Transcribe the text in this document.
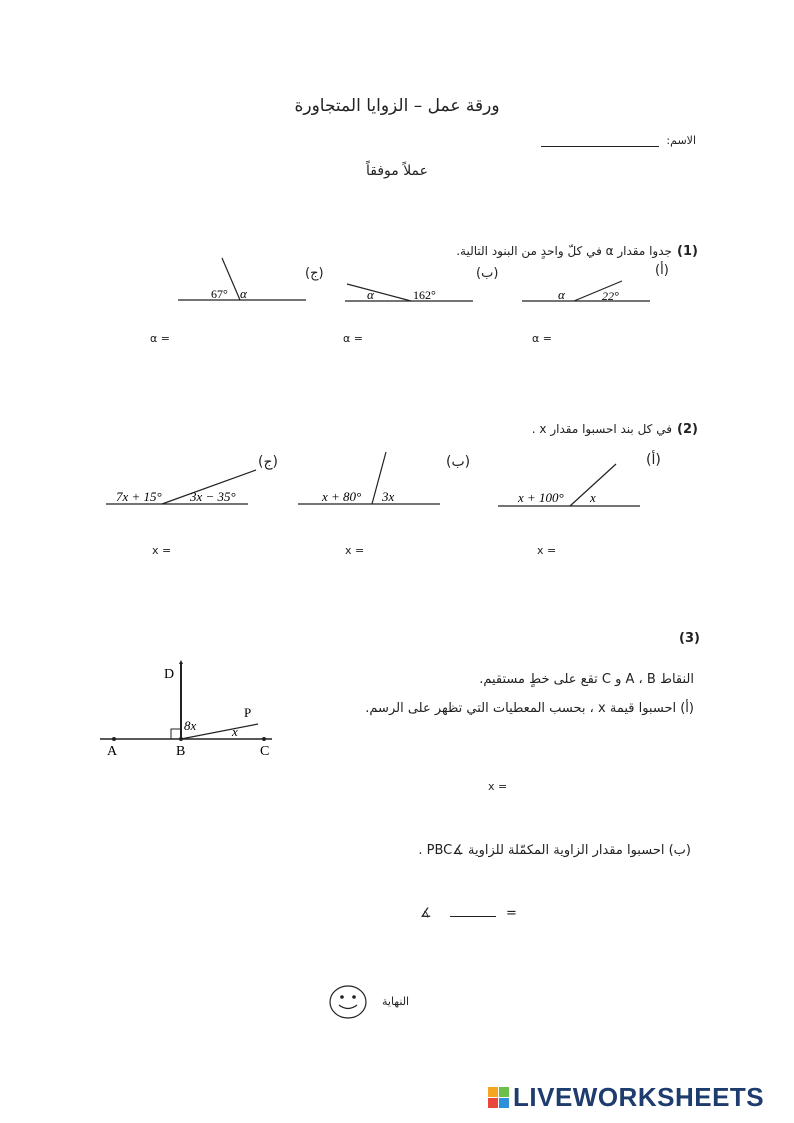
ورقة عمل – الزوايا المتجاورة
الاسم:
عملاً موفقاً
(1) جدوا مقدار α في كلّ واحدٍ من البنود التالية.
(ج)
67° α
α =
(ب)
α	162°
α =
(أ)
α	22°
α =
(2) في كل بند احسبوا مقدار x .
(ج)
7x + 15° 3x − 35°
x =
(ب)
x + 80° 3x
x =
(أ)
x + 100° x
x =
(3)
النقاط A ، B و C تقع على خطٍ مستقيم.
(أ) احسبوا قيمة x ، بحسب المعطيات التي تظهر على الرسم.
A	B	C
D
P
8x	x
x =
(ب) احسبوا مقدار الزاوية المكمّلة للزاوية ∡PBC .
∡	=
النهاية
LIVEWORKSHEETS
